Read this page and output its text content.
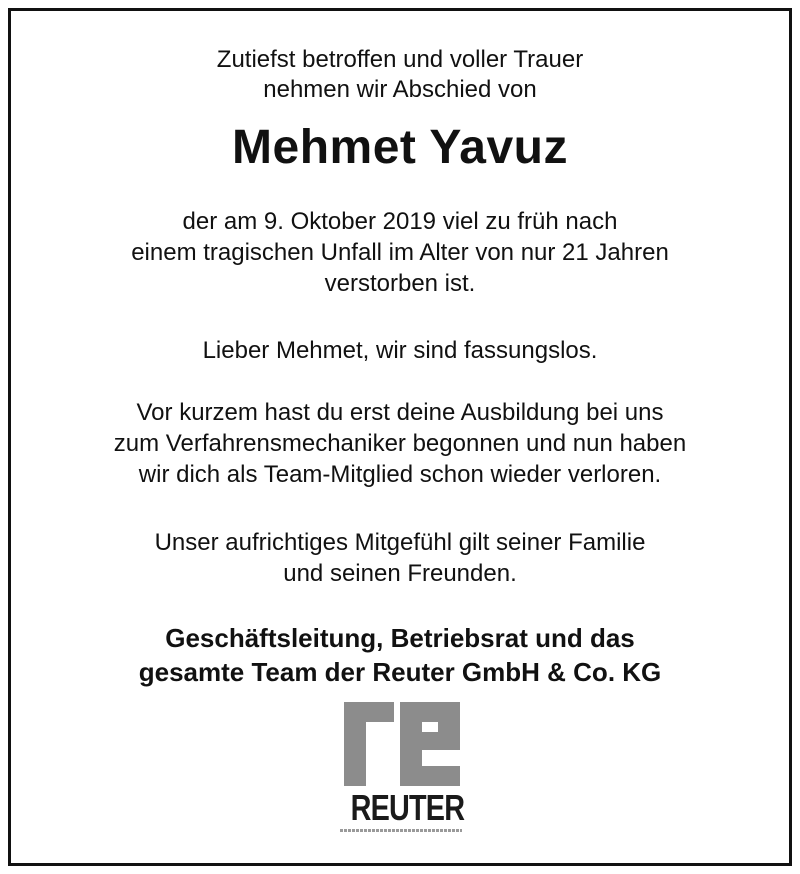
Zutiefst betroffen und voller Trauer
nehmen wir Abschied von
Mehmet Yavuz
der am 9. Oktober 2019 viel zu früh nach
einem tragischen Unfall im Alter von nur 21 Jahren
verstorben ist.
Lieber Mehmet, wir sind fassungslos.
Vor kurzem hast du erst deine Ausbildung bei uns
zum Verfahrensmechaniker begonnen und nun haben
wir dich als Team-Mitglied schon wieder verloren.
Unser aufrichtiges Mitgefühl gilt seiner Familie
und seinen Freunden.
Geschäftsleitung, Betriebsrat und das
gesamte Team der Reuter GmbH & Co. KG
REUTER
